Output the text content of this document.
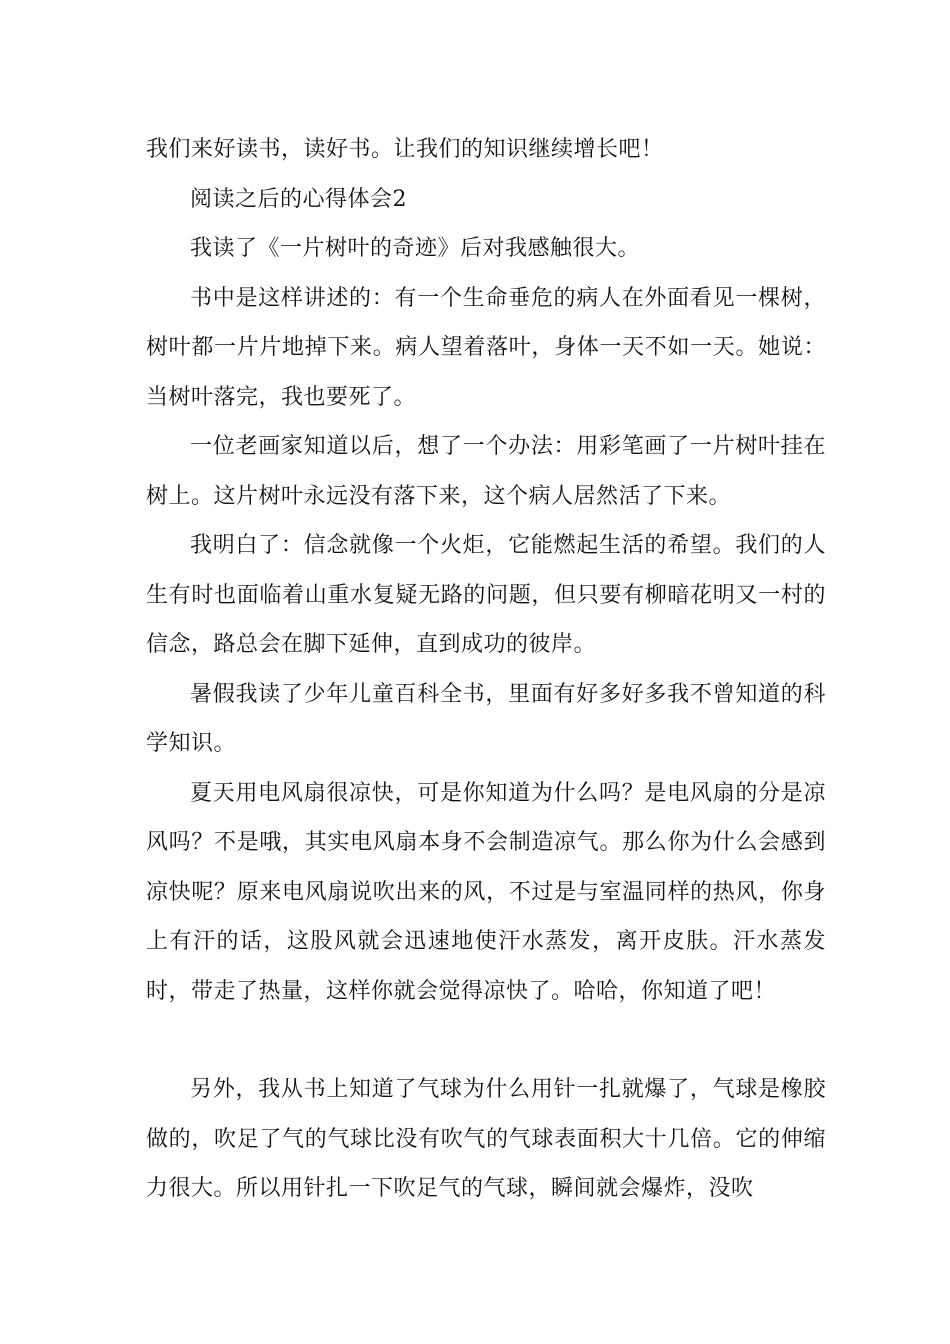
我们来好读书，读好书。让我们的知识继续增长吧！

阅读之后的心得体会2

我读了《一片树叶的奇迹》后对我感触很大。

书中是这样讲述的：有一个生命垂危的病人在外面看见一棵树，树叶都一片片地掉下来。病人望着落叶，身体一天不如一天。她说：当树叶落完，我也要死了。

一位老画家知道以后，想了一个办法：用彩笔画了一片树叶挂在树上。这片树叶永远没有落下来，这个病人居然活了下来。

我明白了：信念就像一个火炬，它能燃起生活的希望。我们的人生有时也面临着山重水复疑无路的问题，但只要有柳暗花明又一村的信念，路总会在脚下延伸，直到成功的彼岸。

暑假我读了少年儿童百科全书，里面有好多好多我不曾知道的科学知识。

夏天用电风扇很凉快，可是你知道为什么吗？是电风扇的分是凉风吗？不是哦，其实电风扇本身不会制造凉气。那么你为什么会感到凉快呢？原来电风扇说吹出来的风，不过是与室温同样的热风，你身上有汗的话，这股风就会迅速地使汗水蒸发，离开皮肤。汗水蒸发时，带走了热量，这样你就会觉得凉快了。哈哈，你知道了吧！

另外，我从书上知道了气球为什么用针一扎就爆了，气球是橡胶做的，吹足了气的气球比没有吹气的气球表面积大十几倍。它的伸缩力很大。所以用针扎一下吹足气的气球，瞬间就会爆炸，没吹
